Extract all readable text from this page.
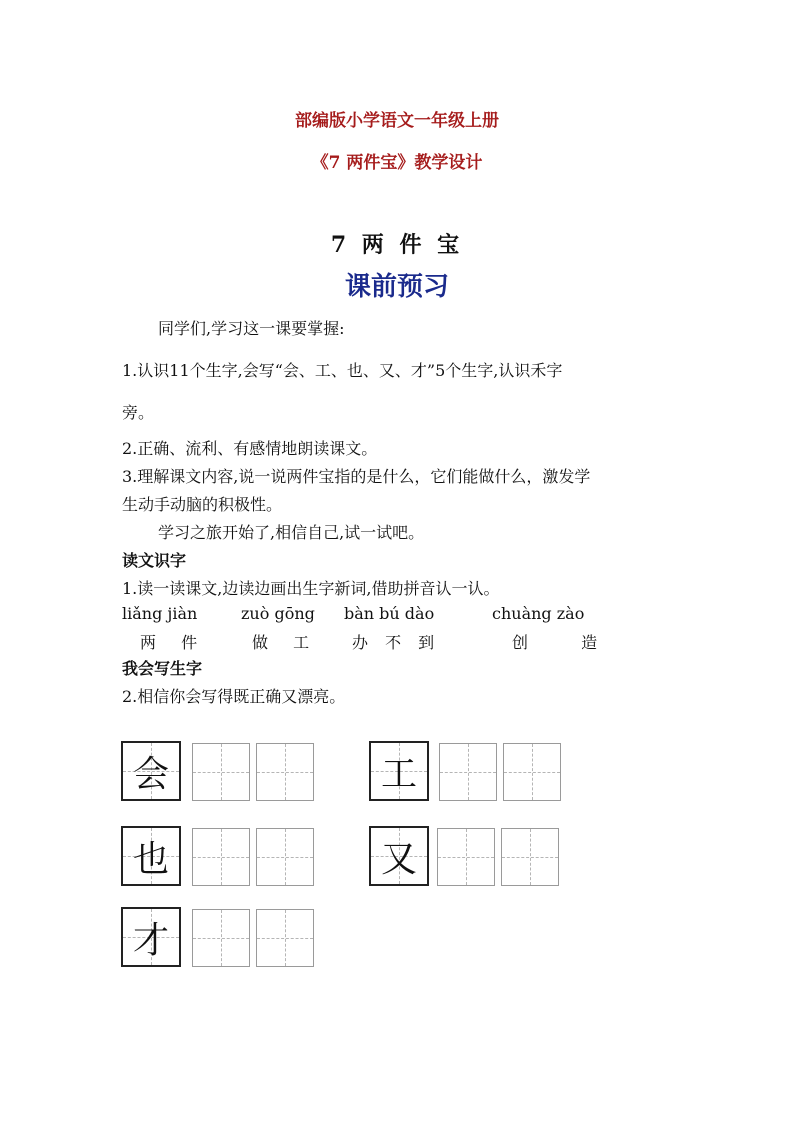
部编版小学语文一年级上册
《7 两件宝》教学设计
7 两 件 宝
课前预习
同学们,学习这一课要掌握:
1.认识11个生字,会写“会、工、也、又、才”5个生字,认识禾字
旁。
2.正确、流利、有感情地朗读课文。
3.理解课文内容,说一说两件宝指的是什么，它们能做什么，激发学
生动手动脑的积极性。
学习之旅开始了,相信自己,试一试吧。
读文识字
1.读一读课文,边读边画出生字新词,借助拼音认一认。
liǎng jiàn	zuò gōng bàn bú dào	chuàng zào
两 件	做 工 办 不 到	创 造
我会写生字
2.相信你会写得既正确又漂亮。
会	工
也	又
才
